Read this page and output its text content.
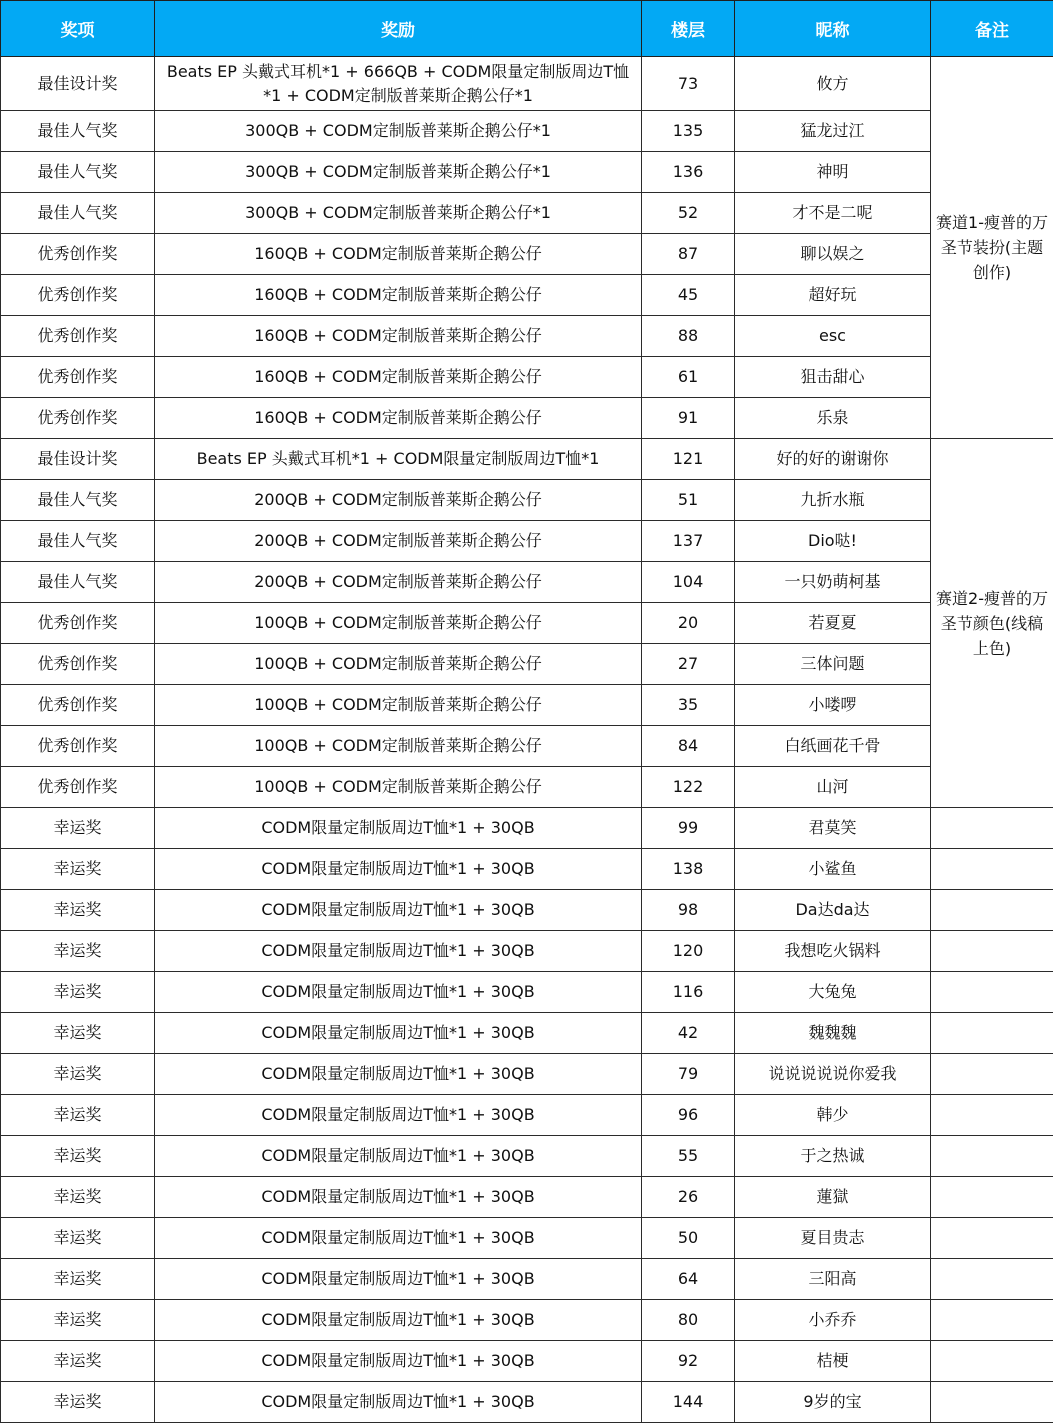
奖项	奖励	楼层	昵称	备注
最佳设计奖	Beats EP 头戴式耳机*1 + 666QB + CODM限量定制版周边T恤*1 + CODM定制版普莱斯企鹅公仔*1	73	攸方	赛道1-瘦普的万圣节装扮(主题创作)
最佳人气奖	300QB + CODM定制版普莱斯企鹅公仔*1	135	猛龙过江	
最佳人气奖	300QB + CODM定制版普莱斯企鹅公仔*1	136	神明	
最佳人气奖	300QB + CODM定制版普莱斯企鹅公仔*1	52	才不是二呢	
优秀创作奖	160QB + CODM定制版普莱斯企鹅公仔	87	聊以娱之	
优秀创作奖	160QB + CODM定制版普莱斯企鹅公仔	45	超好玩	
优秀创作奖	160QB + CODM定制版普莱斯企鹅公仔	88	esc	
优秀创作奖	160QB + CODM定制版普莱斯企鹅公仔	61	狙击甜心	
优秀创作奖	160QB + CODM定制版普莱斯企鹅公仔	91	乐泉	
最佳设计奖	Beats EP 头戴式耳机*1 + CODM限量定制版周边T恤*1	121	好的好的谢谢你	赛道2-瘦普的万圣节颜色(线稿上色)
最佳人气奖	200QB + CODM定制版普莱斯企鹅公仔	51	九折水瓶	
最佳人气奖	200QB + CODM定制版普莱斯企鹅公仔	137	Dio哒!	
最佳人气奖	200QB + CODM定制版普莱斯企鹅公仔	104	一只奶萌柯基	
优秀创作奖	100QB + CODM定制版普莱斯企鹅公仔	20	若夏夏	
优秀创作奖	100QB + CODM定制版普莱斯企鹅公仔	27	三体问题	
优秀创作奖	100QB + CODM定制版普莱斯企鹅公仔	35	小喽啰	
优秀创作奖	100QB + CODM定制版普莱斯企鹅公仔	84	白纸画花千骨	
优秀创作奖	100QB + CODM定制版普莱斯企鹅公仔	122	山河	
幸运奖	CODM限量定制版周边T恤*1 + 30QB	99	君莫笑	
幸运奖	CODM限量定制版周边T恤*1 + 30QB	138	小鲨鱼	
幸运奖	CODM限量定制版周边T恤*1 + 30QB	98	Da达da达	
幸运奖	CODM限量定制版周边T恤*1 + 30QB	120	我想吃火锅料	
幸运奖	CODM限量定制版周边T恤*1 + 30QB	116	大兔兔	
幸运奖	CODM限量定制版周边T恤*1 + 30QB	42	魏魏魏	
幸运奖	CODM限量定制版周边T恤*1 + 30QB	79	说说说说说你爱我	
幸运奖	CODM限量定制版周边T恤*1 + 30QB	96	韩少	
幸运奖	CODM限量定制版周边T恤*1 + 30QB	55	于之热诚	
幸运奖	CODM限量定制版周边T恤*1 + 30QB	26	蓮獄	
幸运奖	CODM限量定制版周边T恤*1 + 30QB	50	夏目贵志	
幸运奖	CODM限量定制版周边T恤*1 + 30QB	64	三阳高	
幸运奖	CODM限量定制版周边T恤*1 + 30QB	80	小乔乔	
幸运奖	CODM限量定制版周边T恤*1 + 30QB	92	桔梗	
幸运奖	CODM限量定制版周边T恤*1 + 30QB	144	9岁的宝	
